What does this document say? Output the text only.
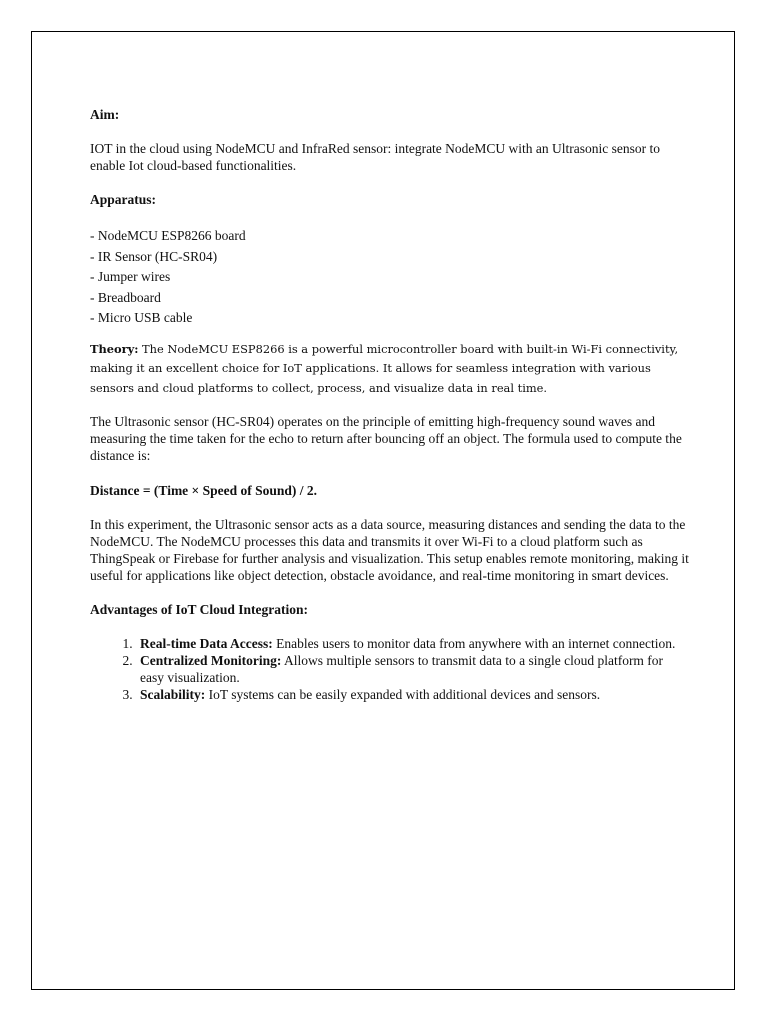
Aim:

IOT in the cloud using NodeMCU and InfraRed sensor: integrate NodeMCU with an Ultrasonic sensor to enable Iot cloud-based functionalities.

Apparatus:

- NodeMCU ESP8266 board
- IR Sensor (HC-SR04)
- Jumper wires
- Breadboard
- Micro USB cable

Theory: The NodeMCU ESP8266 is a powerful microcontroller board with built-in Wi-Fi connectivity, making it an excellent choice for IoT applications. It allows for seamless integration with various sensors and cloud platforms to collect, process, and visualize data in real time.

The Ultrasonic sensor (HC-SR04) operates on the principle of emitting high-frequency sound waves and measuring the time taken for the echo to return after bouncing off an object. The formula used to compute the distance is:

Distance = (Time × Speed of Sound) / 2.

In this experiment, the Ultrasonic sensor acts as a data source, measuring distances and sending the data to the NodeMCU. The NodeMCU processes this data and transmits it over Wi-Fi to a cloud platform such as ThingSpeak or Firebase for further analysis and visualization. This setup enables remote monitoring, making it useful for applications like object detection, obstacle avoidance, and real-time monitoring in smart devices.

Advantages of IoT Cloud Integration:

1. Real-time Data Access: Enables users to monitor data from anywhere with an internet connection.
2. Centralized Monitoring: Allows multiple sensors to transmit data to a single cloud platform for easy visualization.
3. Scalability: IoT systems can be easily expanded with additional devices and sensors.
